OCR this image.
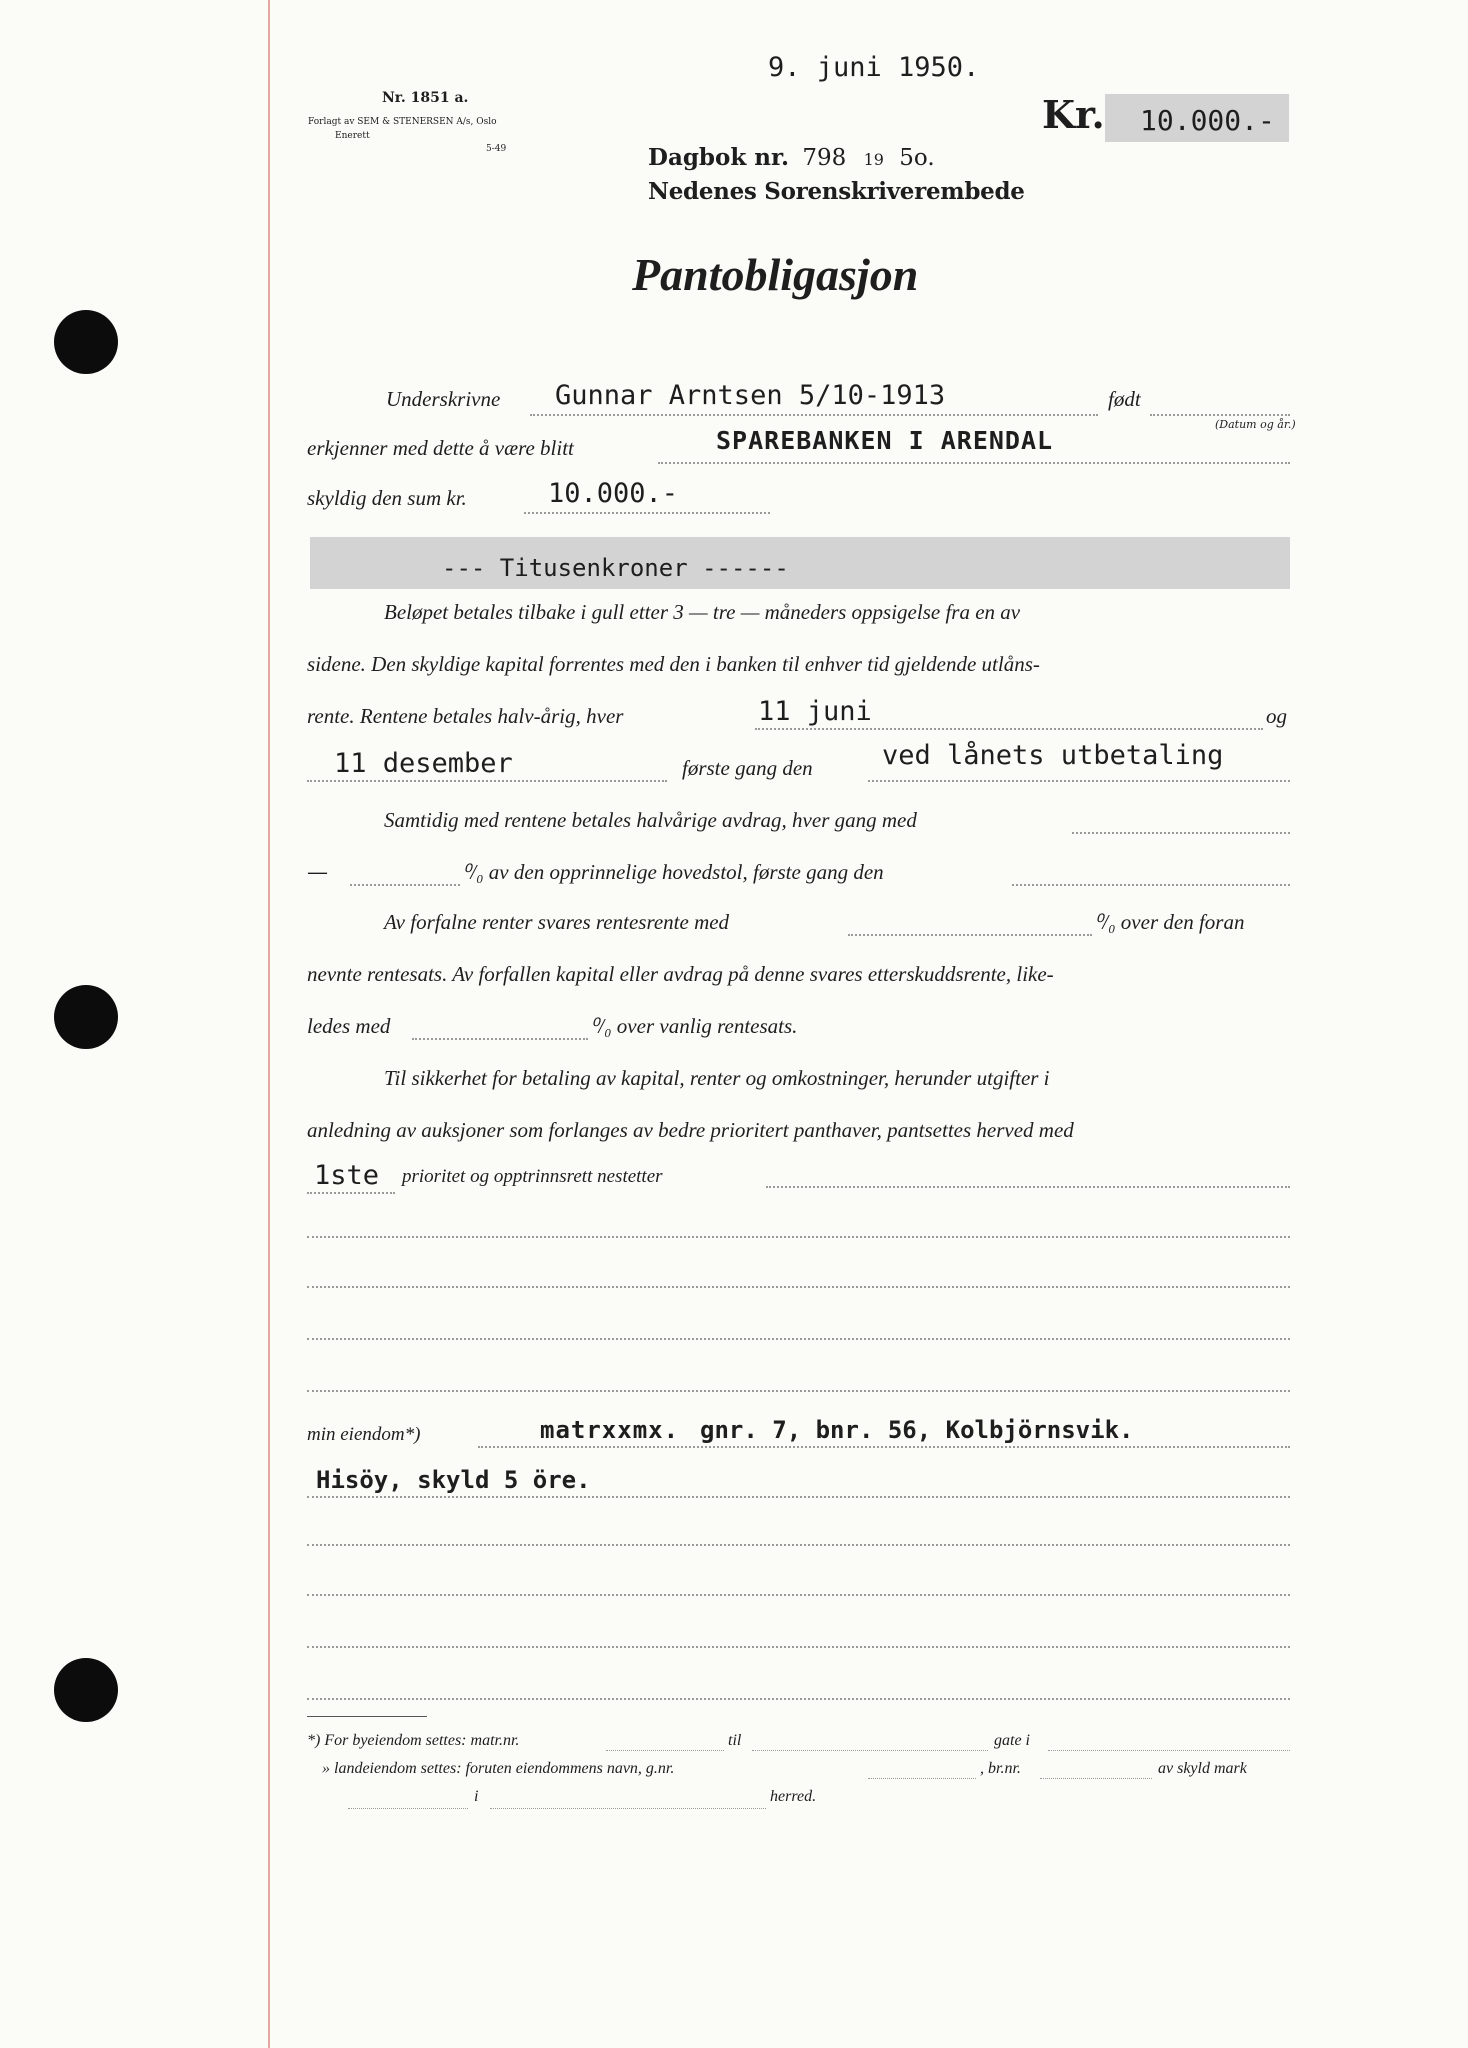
Nr. 1851 a.
Forlagt av SEM & STENERSEN A/s, Oslo
Enerett
5-49
9. juni 1950.
Kr. 10.000.-
Dagbok nr. 798 19 5o.
Nedenes Sorenskriverembede
Pantobligasjon
Underskrivne Gunnar Arntsen 5/10-1913	født
(Datum og år.)
erkjenner med dette å være blitt	SPAREBANKEN I ARENDAL
skyldig den sum kr.	10.000.-
--- Titusenkroner ------
Beløpet betales tilbake i gull etter 3 — tre — måneders oppsigelse fra en av
sidene. Den skyldige kapital forrentes med den i banken til enhver tid gjeldende utlåns-
rente. Rentene betales halv-årig, hver	11 juni	og
11 desember	første gang den	ved lånets utbetaling
Samtidig med rentene betales halvårige avdrag, hver gang med
—	⁰/₀ av den opprinnelige hovedstol, første gang den
Av forfalne renter svares rentesrente med	⁰/₀ over den foran
nevnte rentesats. Av forfallen kapital eller avdrag på denne svares etterskuddsrente, like-
ledes med	⁰/₀ over vanlig rentesats.
Til sikkerhet for betaling av kapital, renter og omkostninger, herunder utgifter i
anledning av auksjoner som forlanges av bedre prioritert panthaver, pantsettes herved med
1ste prioritet og opptrinnsrett nestetter
min eiendom*)	matrxxmx. gnr. 7, bnr. 56, Kolbjörnsvik.
Hisöy, skyld 5 öre.
*) For byeiendom settes: matr.nr.	til	gate i
» landeiendom settes: foruten eiendommens navn, g.nr.	, br.nr.	av skyld mark
i	herred.
